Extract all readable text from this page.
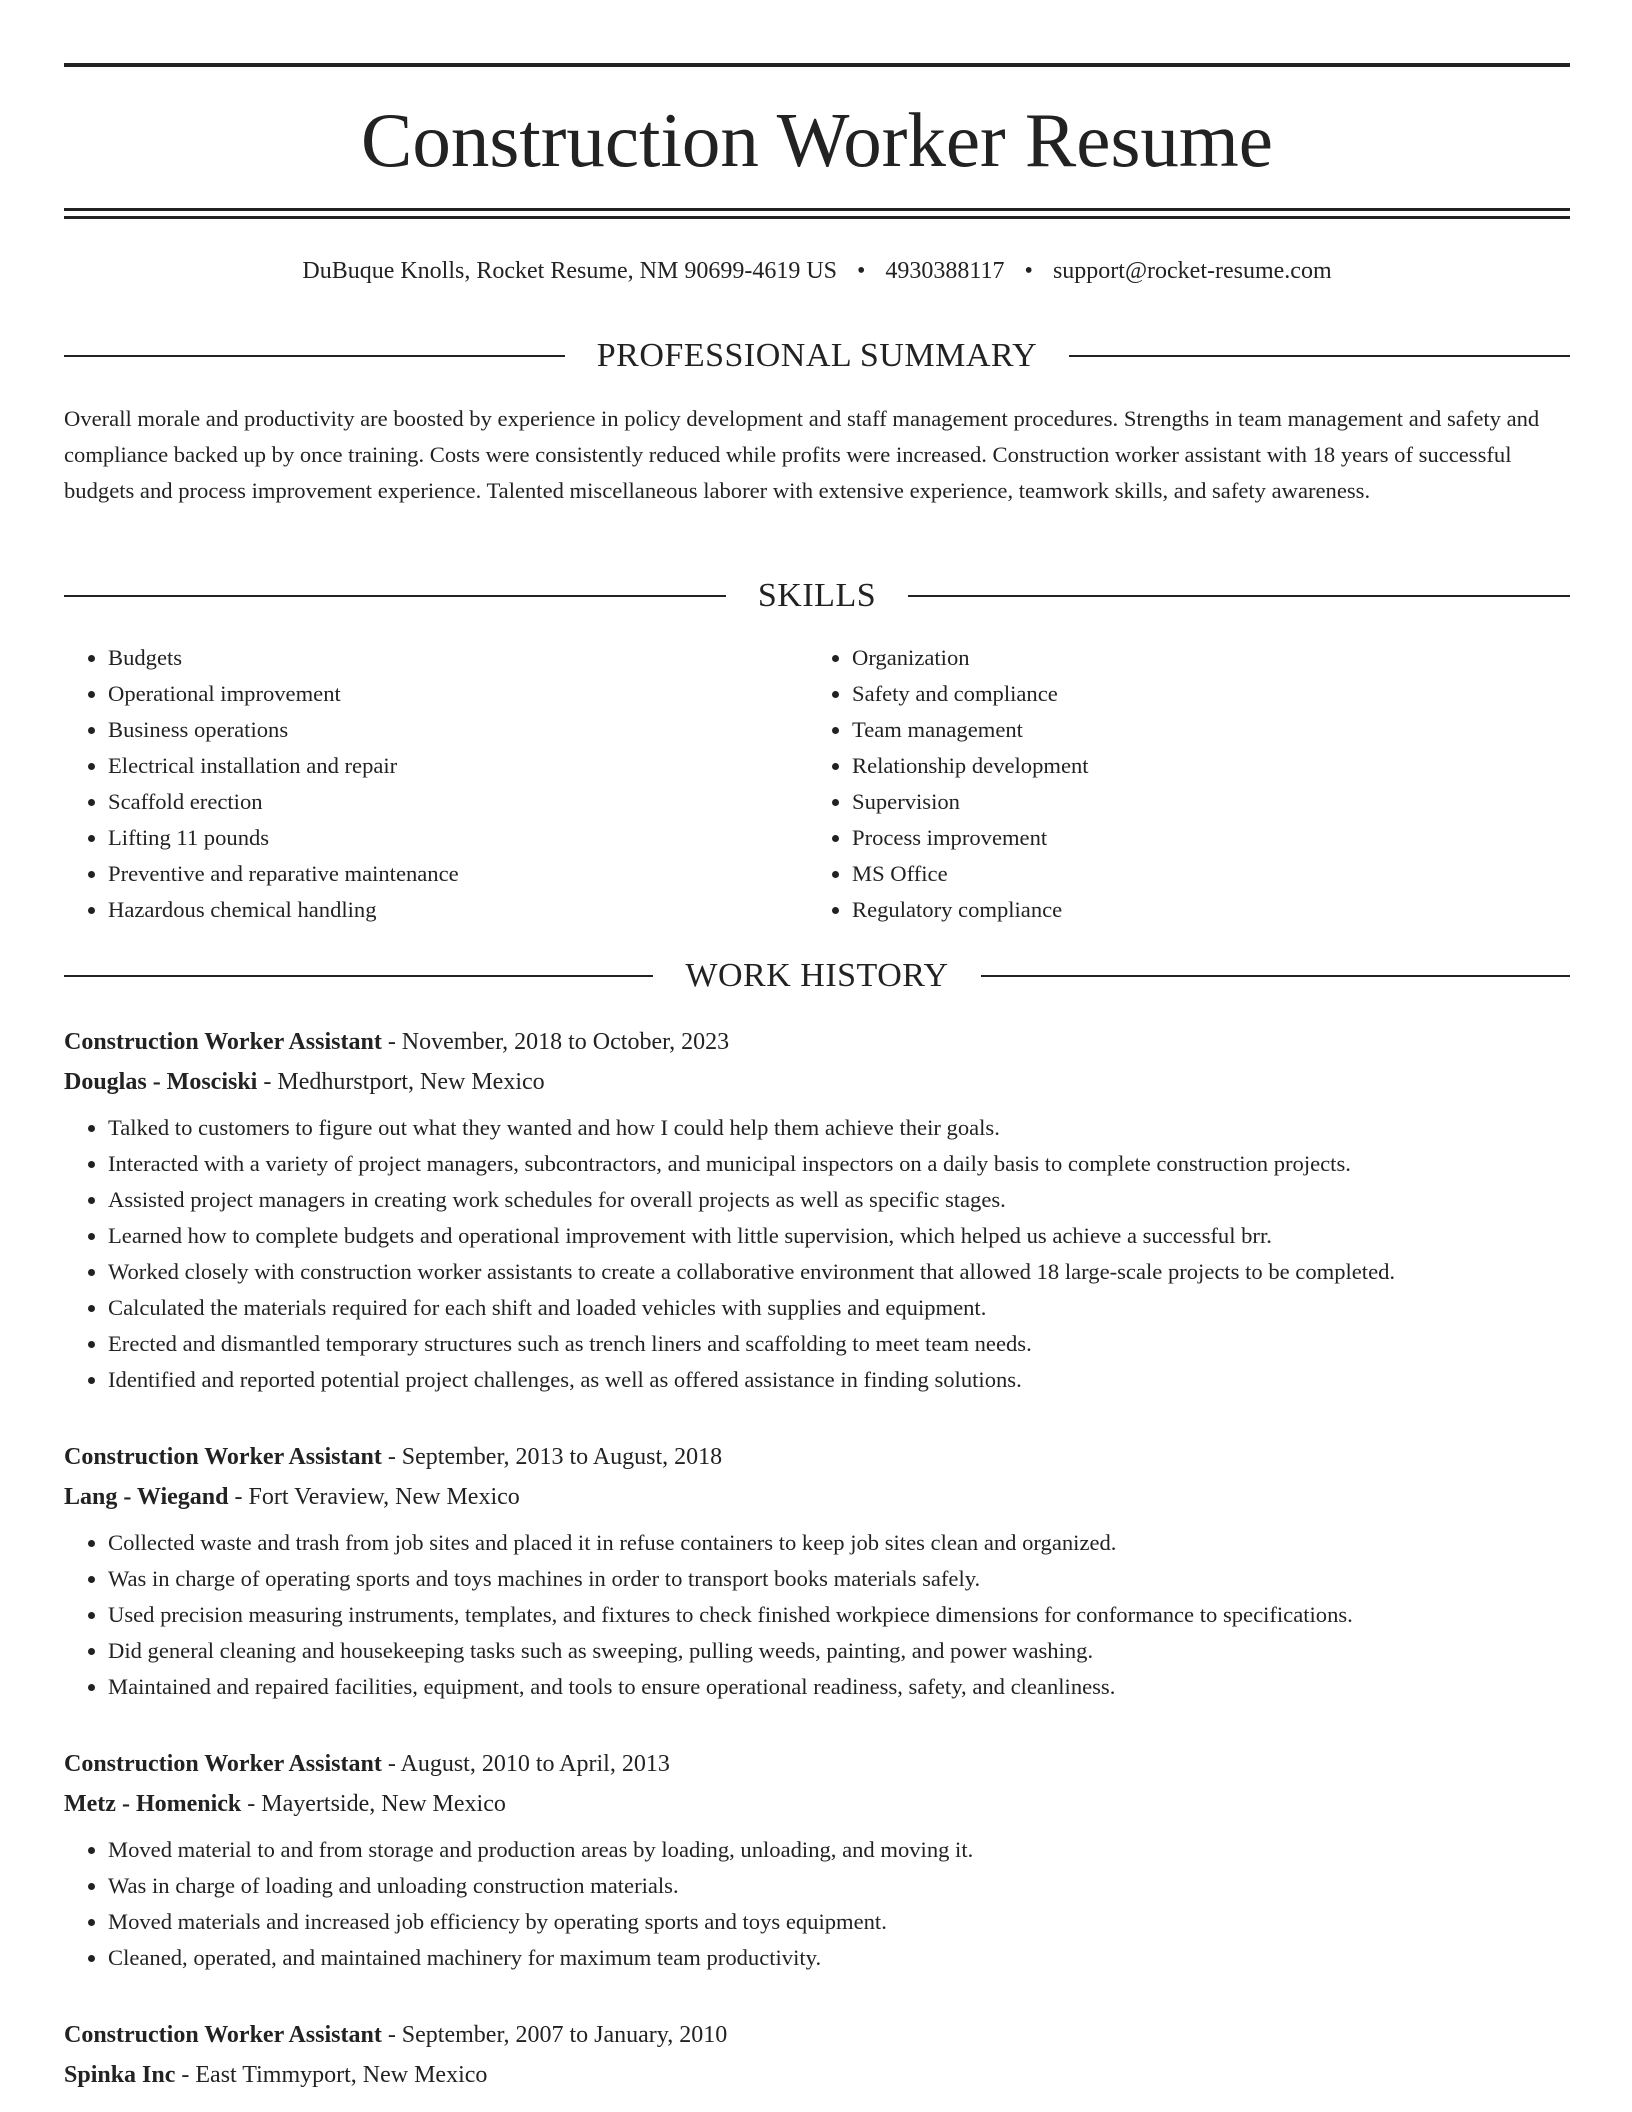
Construction Worker Resume
DuBuque Knolls, Rocket Resume, NM 90699-4619 US • 4930388117 • support@rocket-resume.com
PROFESSIONAL SUMMARY
Overall morale and productivity are boosted by experience in policy development and staff management procedures. Strengths in team management and safety and compliance backed up by once training. Costs were consistently reduced while profits were increased. Construction worker assistant with 18 years of successful budgets and process improvement experience. Talented miscellaneous laborer with extensive experience, teamwork skills, and safety awareness.
SKILLS
• Budgets
• Operational improvement
• Business operations
• Electrical installation and repair
• Scaffold erection
• Lifting 11 pounds
• Preventive and reparative maintenance
• Hazardous chemical handling
• Organization
• Safety and compliance
• Team management
• Relationship development
• Supervision
• Process improvement
• MS Office
• Regulatory compliance
WORK HISTORY
Construction Worker Assistant - November, 2018 to October, 2023
Douglas - Mosciski - Medhurstport, New Mexico
• Talked to customers to figure out what they wanted and how I could help them achieve their goals.
• Interacted with a variety of project managers, subcontractors, and municipal inspectors on a daily basis to complete construction projects.
• Assisted project managers in creating work schedules for overall projects as well as specific stages.
• Learned how to complete budgets and operational improvement with little supervision, which helped us achieve a successful brr.
• Worked closely with construction worker assistants to create a collaborative environment that allowed 18 large-scale projects to be completed.
• Calculated the materials required for each shift and loaded vehicles with supplies and equipment.
• Erected and dismantled temporary structures such as trench liners and scaffolding to meet team needs.
• Identified and reported potential project challenges, as well as offered assistance in finding solutions.
Construction Worker Assistant - September, 2013 to August, 2018
Lang - Wiegand - Fort Veraview, New Mexico
• Collected waste and trash from job sites and placed it in refuse containers to keep job sites clean and organized.
• Was in charge of operating sports and toys machines in order to transport books materials safely.
• Used precision measuring instruments, templates, and fixtures to check finished workpiece dimensions for conformance to specifications.
• Did general cleaning and housekeeping tasks such as sweeping, pulling weeds, painting, and power washing.
• Maintained and repaired facilities, equipment, and tools to ensure operational readiness, safety, and cleanliness.
Construction Worker Assistant - August, 2010 to April, 2013
Metz - Homenick - Mayertside, New Mexico
• Moved material to and from storage and production areas by loading, unloading, and moving it.
• Was in charge of loading and unloading construction materials.
• Moved materials and increased job efficiency by operating sports and toys equipment.
• Cleaned, operated, and maintained machinery for maximum team productivity.
Construction Worker Assistant - September, 2007 to January, 2010
Spinka Inc - East Timmyport, New Mexico
